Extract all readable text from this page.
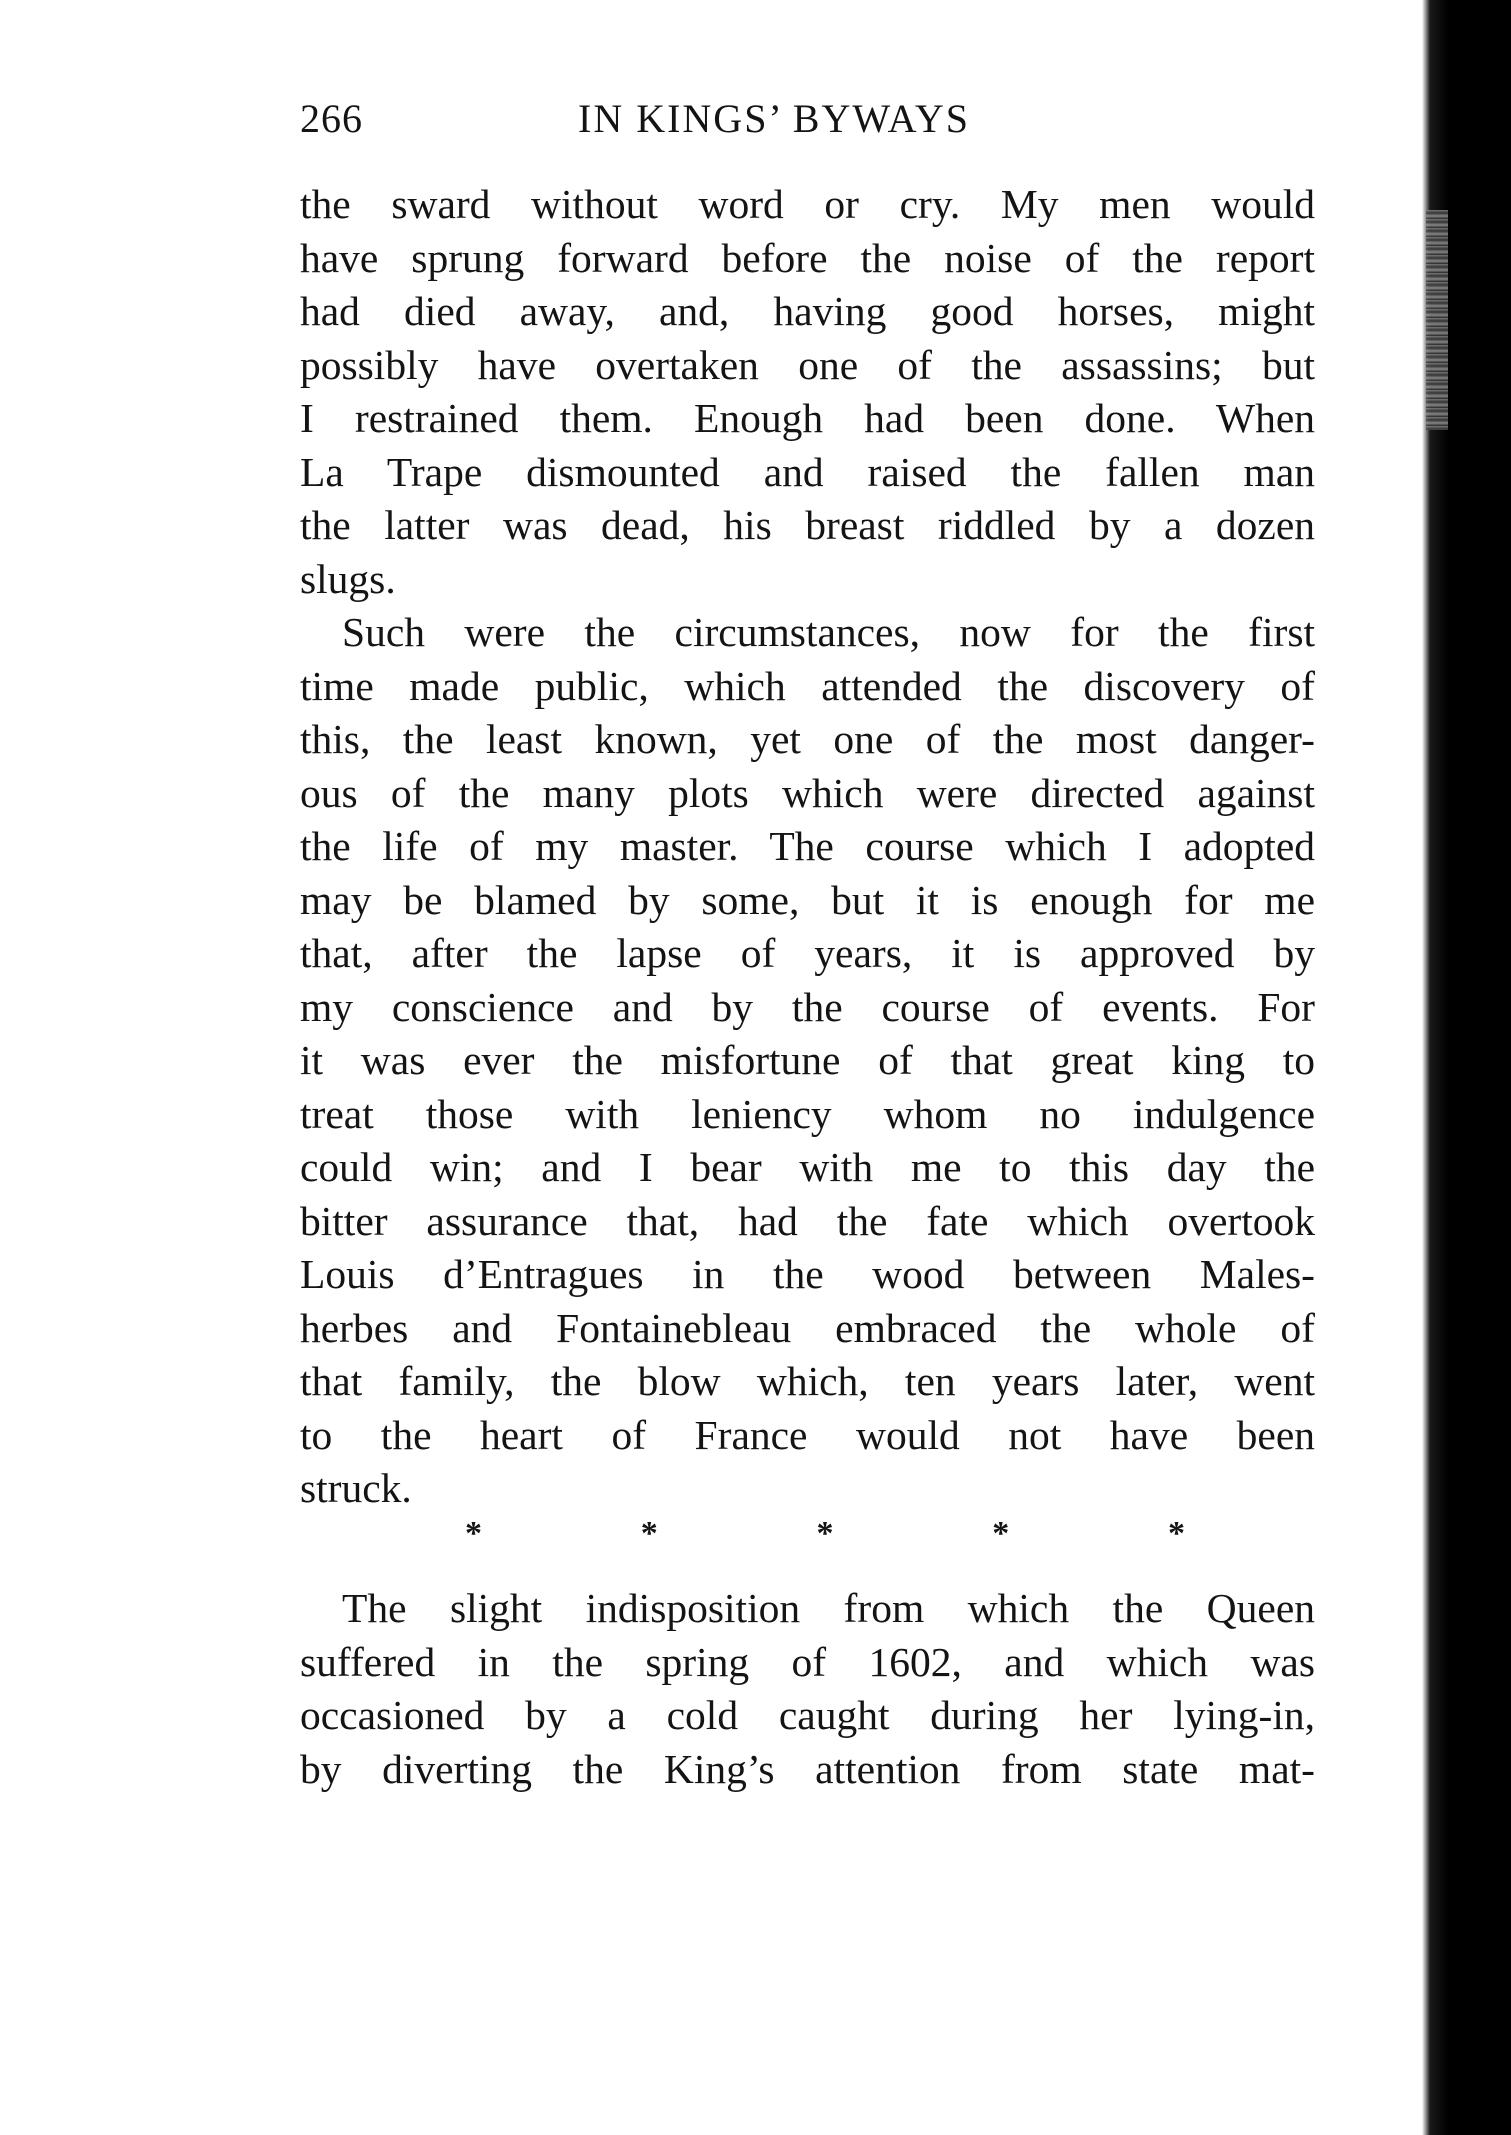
266	IN KINGS’ BYWAYS
the sward without word or cry. My men would
have sprung forward before the noise of the report
had died away, and, having good horses, might
possibly have overtaken one of the assassins; but
I restrained them. Enough had been done. When
La Trape dismounted and raised the fallen man
the latter was dead, his breast riddled by a dozen
slugs.
Such were the circumstances, now for the first
time made public, which attended the discovery of
this, the least known, yet one of the most danger-
ous of the many plots which were directed against
the life of my master. The course which I adopted
may be blamed by some, but it is enough for me
that, after the lapse of years, it is approved by
my conscience and by the course of events. For
it was ever the misfortune of that great king to
treat those with leniency whom no indulgence
could win; and I bear with me to this day the
bitter assurance that, had the fate which overtook
Louis d’Entragues in the wood between Males-
herbes and Fontainebleau embraced the whole of
that family, the blow which, ten years later, went
to the heart of France would not have been
struck.
*	*	*	*	*
The slight indisposition from which the Queen
suffered in the spring of 1602, and which was
occasioned by a cold caught during her lying-in,
by diverting the King’s attention from state mat-
